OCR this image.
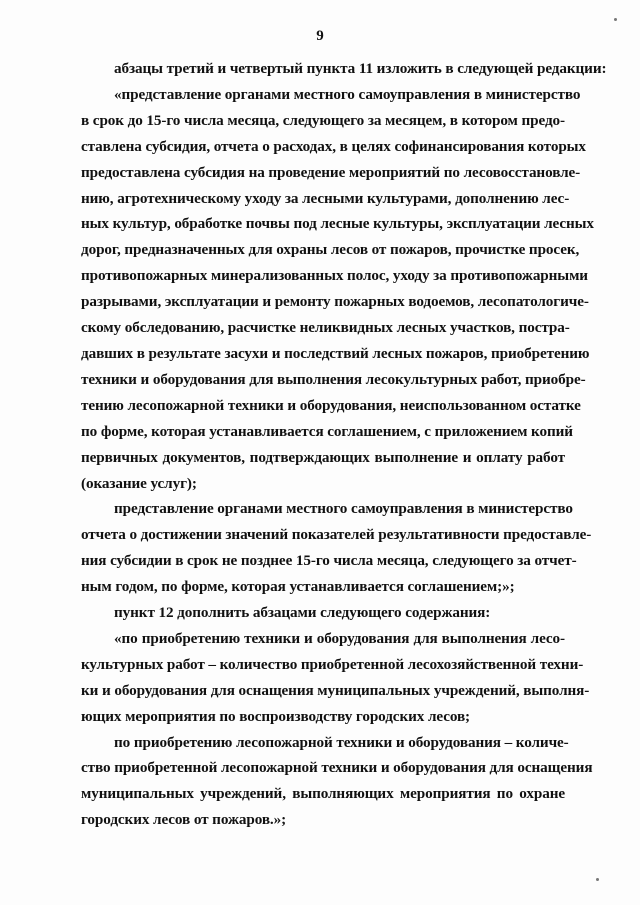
9

абзацы третий и четвертый пункта 11 изложить в следующей редакции:

«представление органами местного самоуправления в министерство
в срок до 15-го числа месяца, следующего за месяцем, в котором предо-
ставлена субсидия, отчета о расходах, в целях софинансирования которых
предоставлена субсидия на проведение мероприятий по лесовосстановле-
нию, агротехническому уходу за лесными культурами, дополнению лес-
ных культур, обработке почвы под лесные культуры, эксплуатации лесных
дорог, предназначенных для охраны лесов от пожаров, прочистке просек,
противопожарных минерализованных полос, уходу за противопожарными
разрывами, эксплуатации и ремонту пожарных водоемов, лесопатологиче-
скому обследованию, расчистке неликвидных лесных участков, постра-
давших в результате засухи и последствий лесных пожаров, приобретению
техники и оборудования для выполнения лесокультурных работ, приобре-
тению лесопожарной техники и оборудования, неиспользованном остатке
по форме, которая устанавливается соглашением, с приложением копий
первичных документов, подтверждающих выполнение и оплату работ
(оказание услуг);

представление органами местного самоуправления в министерство
отчета о достижении значений показателей результативности предоставле-
ния субсидии в срок не позднее 15-го числа месяца, следующего за отчет-
ным годом, по форме, которая устанавливается соглашением;»;

пункт 12 дополнить абзацами следующего содержания:

«по приобретению техники и оборудования для выполнения лесо-
культурных работ – количество приобретенной лесохозяйственной техни-
ки и оборудования для оснащения муниципальных учреждений, выполня-
ющих мероприятия по воспроизводству городских лесов;

по приобретению лесопожарной техники и оборудования – количе-
ство приобретенной лесопожарной техники и оборудования для оснащения
муниципальных учреждений, выполняющих мероприятия по охране
городских лесов от пожаров.»;
